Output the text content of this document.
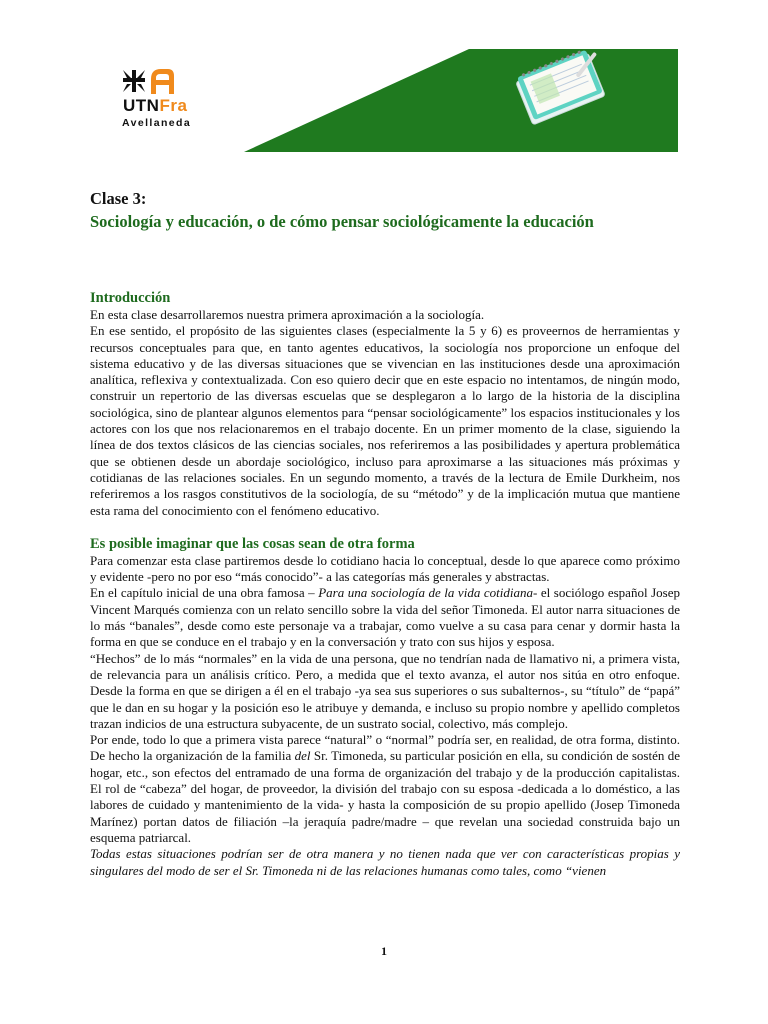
UTNFra
Avellaneda
Clase 3:
Sociología y educación, o de cómo pensar sociológicamente la educación
Introducción

En esta clase desarrollaremos nuestra primera aproximación a la sociología.

En ese sentido, el propósito de las siguientes clases (especialmente la 5 y 6) es proveernos de herramientas y recursos conceptuales para que, en tanto agentes educativos, la sociología nos proporcione un enfoque del sistema educativo y de las diversas situaciones que se vivencian en las instituciones desde una aproximación analítica, reflexiva y contextualizada. Con eso quiero decir que en este espacio no intentamos, de ningún modo, construir un repertorio de las diversas escuelas que se desplegaron a lo largo de la historia de la disciplina sociológica, sino de plantear algunos elementos para “pensar sociológicamente” los espacios institucionales y los actores con los que nos relacionaremos en el trabajo docente. En un primer momento de la clase, siguiendo la línea de dos textos clásicos de las ciencias sociales, nos referiremos a las posibilidades y apertura problemática que se obtienen desde un abordaje sociológico, incluso para aproximarse a las situaciones más próximas y cotidianas de las relaciones sociales. En un segundo momento, a través de la lectura de Emile Durkheim, nos referiremos a los rasgos constitutivos de la sociología, de su “método” y de la implicación mutua que mantiene esta rama del conocimiento con el fenómeno educativo.

Es posible imaginar que las cosas sean de otra forma

Para comenzar esta clase partiremos desde lo cotidiano hacia lo conceptual, desde lo que aparece como próximo y evidente -pero no por eso “más conocido”- a las categorías más generales y abstractas.

En el capítulo inicial de una obra famosa – Para una sociología de la vida cotidiana- el sociólogo español Josep Vincent Marqués comienza con un relato sencillo sobre la vida del señor Timoneda. El autor narra situaciones de lo más “banales”, desde como este personaje va a trabajar, como vuelve a su casa para cenar y dormir hasta la forma en que se conduce en el trabajo y en la conversación y trato con sus hijos y esposa.

“Hechos” de lo más “normales” en la vida de una persona, que no tendrían nada de llamativo ni, a primera vista, de relevancia para un análisis crítico. Pero, a medida que el texto avanza, el autor nos sitúa en otro enfoque. Desde la forma en que se dirigen a él en el trabajo -ya sea sus superiores o sus subalternos-, su “título” de “papá” que le dan en su hogar y la posición eso le atribuye y demanda, e incluso su propio nombre y apellido completos trazan indicios de una estructura subyacente, de un sustrato social, colectivo, más complejo.

Por ende, todo lo que a primera vista parece “natural” o “normal” podría ser, en realidad, de otra forma, distinto. De hecho la organización de la familia del Sr. Timoneda, su particular posición en ella, su condición de sostén de hogar, etc., son efectos del entramado de una forma de organización del trabajo y de la producción capitalistas. El rol de “cabeza” del hogar, de proveedor, la división del trabajo con su esposa -dedicada a lo doméstico, a las labores de cuidado y mantenimiento de la vida- y hasta la composición de su propio apellido (Josep Timoneda Marínez) portan datos de filiación –la jeraquía padre/madre – que revelan una sociedad construida bajo un esquema patriarcal.

Todas estas situaciones podrían ser de otra manera y no tienen nada que ver con características propias y singulares del modo de ser el Sr. Timoneda ni de las relaciones humanas como tales, como “vienen

1
